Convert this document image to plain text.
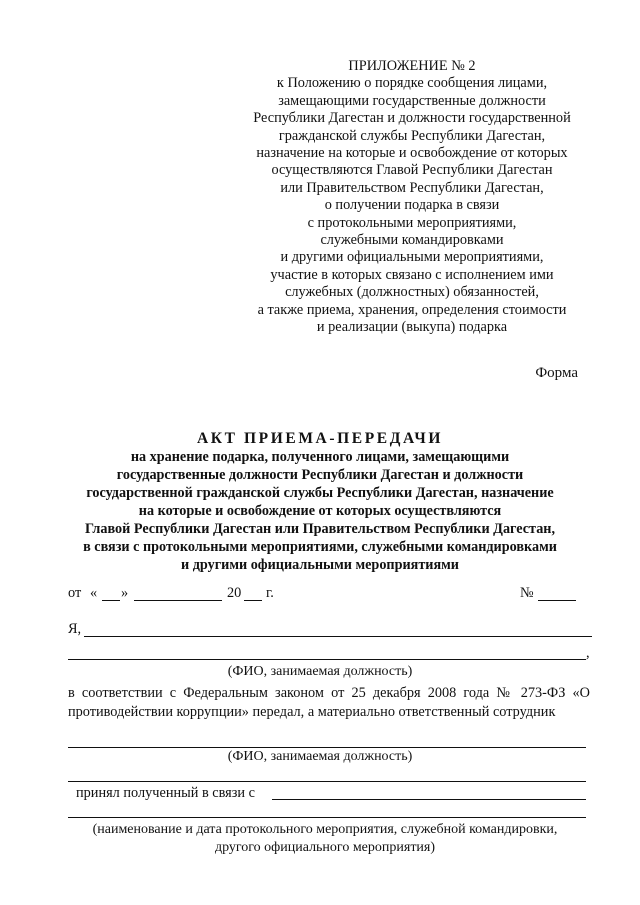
ПРИЛОЖЕНИЕ № 2
к Положению о порядке сообщения лицами,
замещающими государственные должности
Республики Дагестан и должности государственной
гражданской службы Республики Дагестан,
назначение на которые и освобождение от которых
осуществляются Главой Республики Дагестан
или Правительством Республики Дагестан,
о получении подарка в связи
с протокольными мероприятиями,
служебными командировками
и другими официальными мероприятиями,
участие в которых связано с исполнением ими
служебных (должностных) обязанностей,
а также приема, хранения, определения стоимости
и реализации (выкупа) подарка
Форма
АКТ ПРИЕМА-ПЕРЕДАЧИ
на хранение подарка, полученного лицами, замещающими
государственные должности Республики Дагестан и должности
государственной гражданской службы Республики Дагестан, назначение
на которые и освобождение от которых осуществляются
Главой Республики Дагестан или Правительством Республики Дагестан,
в связи с протокольными мероприятиями, служебными командировками
и другими официальными мероприятиями
от « »	20 г.	№
Я,
,
(ФИО, занимаемая должность)
в соответствии с Федеральным законом от 25 декабря 2008 года № 273-ФЗ «О противодействии коррупции» передал, а материально ответственный сотрудник
(ФИО, занимаемая должность)
принял полученный в связи с
(наименование и дата протокольного мероприятия, служебной командировки,
другого официального мероприятия)
